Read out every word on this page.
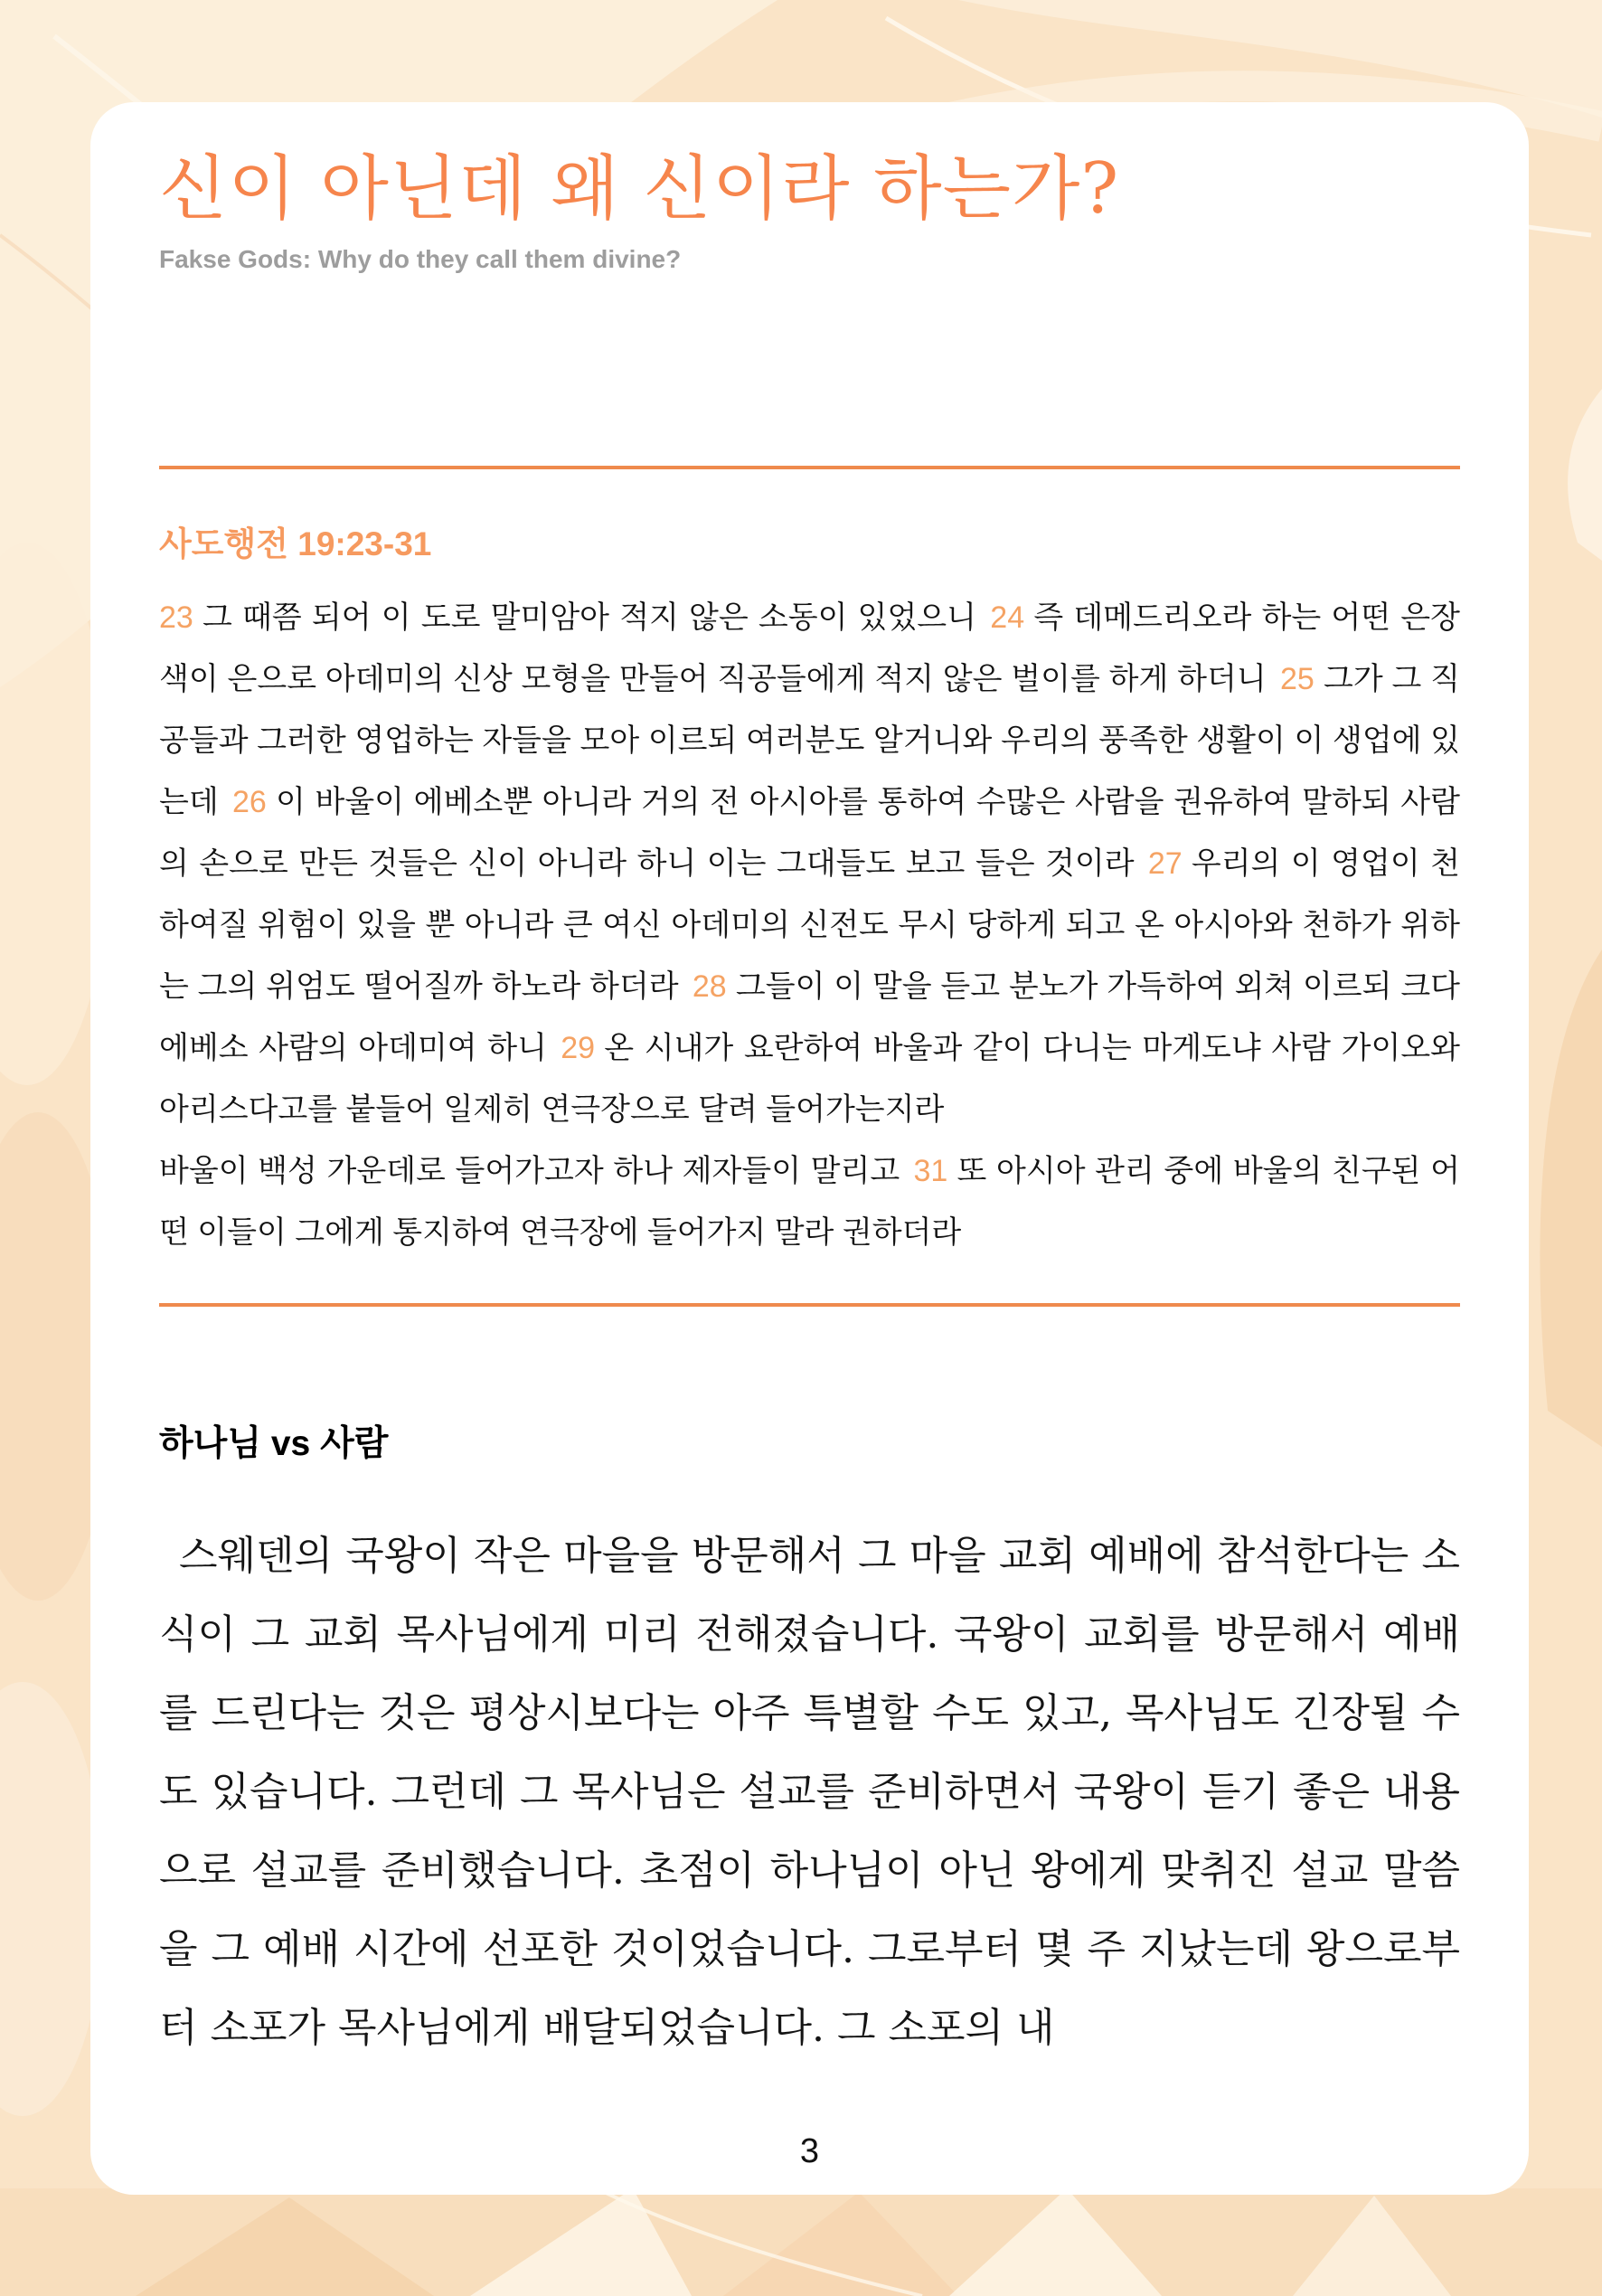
신이 아닌데 왜 신이라 하는가?

Fakse Gods: Why do they call them divine?

사도행전 19:23-31

23 그 때쯤 되어 이 도로 말미암아 적지 않은 소동이 있었으니 24 즉 데메드리오라 하는 어떤 은장색이 은으로 아데미의 신상 모형을 만들어 직공들에게 적지 않은 벌이를 하게 하더니 25 그가 그 직공들과 그러한 영업하는 자들을 모아 이르되 여러분도 알거니와 우리의 풍족한 생활이 이 생업에 있는데 26 이 바울이 에베소뿐 아니라 거의 전 아시아를 통하여 수많은 사람을 권유하여 말하되 사람의 손으로 만든 것들은 신이 아니라 하니 이는 그대들도 보고 들은 것이라 27 우리의 이 영업이 천하여질 위험이 있을 뿐 아니라 큰 여신 아데미의 신전도 무시 당하게 되고 온 아시아와 천하가 위하는 그의 위엄도 떨어질까 하노라 하더라 28 그들이 이 말을 듣고 분노가 가득하여 외쳐 이르되 크다 에베소 사람의 아데미여 하니 29 온 시내가 요란하여 바울과 같이 다니는 마게도냐 사람 가이오와 아리스다고를 붙들어 일제히 연극장으로 달려 들어가는지라
바울이 백성 가운데로 들어가고자 하나 제자들이 말리고 31 또 아시아 관리 중에 바울의 친구된 어떤 이들이 그에게 통지하여 연극장에 들어가지 말라 권하더라

하나님 vs 사람

스웨덴의 국왕이 작은 마을을 방문해서 그 마을 교회 예배에 참석한다는 소식이 그 교회 목사님에게 미리 전해졌습니다. 국왕이 교회를 방문해서 예배를 드린다는 것은 평상시보다는 아주 특별할 수도 있고, 목사님도 긴장될 수도 있습니다. 그런데 그 목사님은 설교를 준비하면서 국왕이 듣기 좋은 내용으로 설교를 준비했습니다. 초점이 하나님이 아닌 왕에게 맞취진 설교 말씀을 그 예배 시간에 선포한 것이었습니다. 그로부터 몇 주 지났는데 왕으로부터 소포가 목사님에게 배달되었습니다. 그 소포의 내

3
